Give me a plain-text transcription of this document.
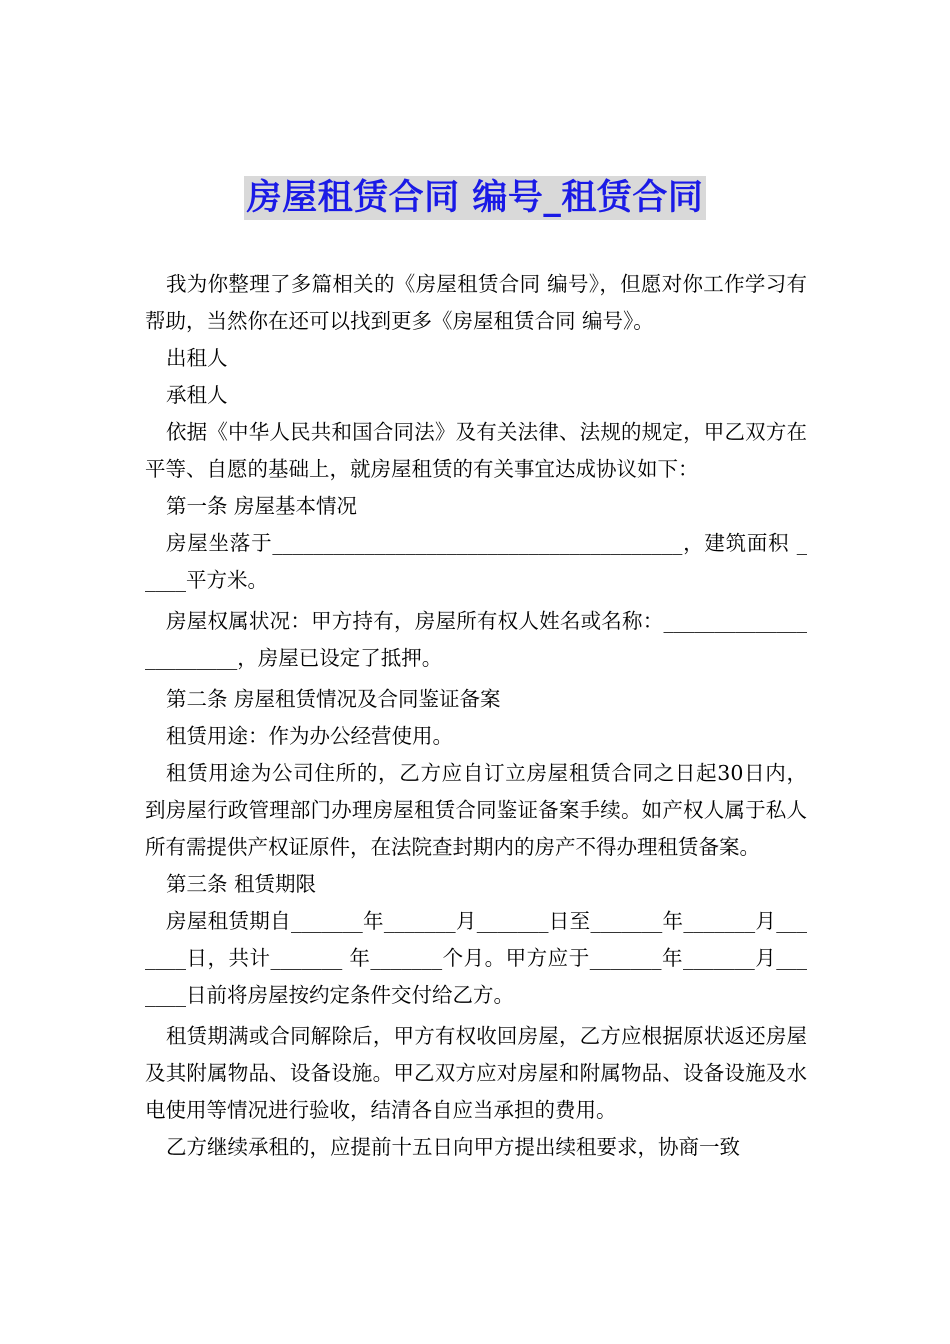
房屋租赁合同 编号_租赁合同

我为你整理了多篇相关的《房屋租赁合同 编号》，但愿对你工作学习有帮助，当然你在还可以找到更多《房屋租赁合同 编号》。

出租人

承租人

依据《中华人民共和国合同法》及有关法律、法规的规定，甲乙双方在平等、自愿的基础上，就房屋租赁的有关事宜达成协议如下：

第一条 房屋基本情况

房屋坐落于________________________________________，建筑面积 _____平方米。

房屋权属状况：甲方持有，房屋所有权人姓名或名称：_______________________，房屋已设定了抵押。

第二条 房屋租赁情况及合同鉴证备案

租赁用途：作为办公经营使用。

租赁用途为公司住所的，乙方应自订立房屋租赁合同之日起30日内，到房屋行政管理部门办理房屋租赁合同鉴证备案手续。如产权人属于私人所有需提供产权证原件，在法院查封期内的房产不得办理租赁备案。

第三条 租赁期限

房屋租赁期自_______年_______月_______日至_______年_______月_______日，共计_______ 年_______个月。甲方应于_______年_______月_______日前将房屋按约定条件交付给乙方。

租赁期满或合同解除后，甲方有权收回房屋，乙方应根据原状返还房屋及其附属物品、设备设施。甲乙双方应对房屋和附属物品、设备设施及水电使用等情况进行验收，结清各自应当承担的费用。

乙方继续承租的，应提前十五日向甲方提出续租要求，协商一致
